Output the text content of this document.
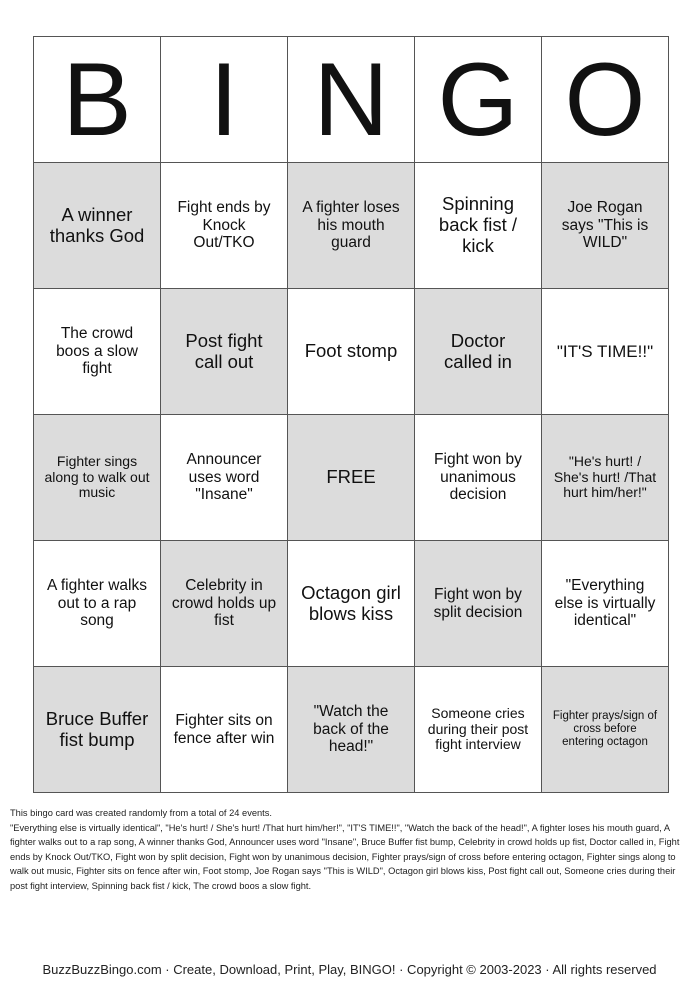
B	I	N	G	O
A winner thanks God	Fight ends by Knock Out/TKO	A fighter loses his mouth guard	Spinning back fist / kick	Joe Rogan says "This is WILD"
The crowd boos a slow fight	Post fight call out	Foot stomp	Doctor called in	"IT'S TIME!!"
Fighter sings along to walk out music	Announcer uses word "Insane"	FREE	Fight won by unanimous decision	"He's hurt! / She's hurt! /That hurt him/her!"
A fighter walks out to a rap song	Celebrity in crowd holds up fist	Octagon girl blows kiss	Fight won by split decision	"Everything else is virtually identical"
Bruce Buffer fist bump	Fighter sits on fence after win	"Watch the back of the head!"	Someone cries during their post fight interview	Fighter prays/sign of cross before entering octagon
This bingo card was created randomly from a total of 24 events.
"Everything else is virtually identical", "He's hurt! / She's hurt! /That hurt him/her!", "IT'S TIME!!", "Watch the back of the head!", A fighter loses his mouth guard, A fighter walks out to a rap song, A winner thanks God, Announcer uses word "Insane", Bruce Buffer fist bump, Celebrity in crowd holds up fist, Doctor called in, Fight ends by Knock Out/TKO, Fight won by split decision, Fight won by unanimous decision, Fighter prays/sign of cross before entering octagon, Fighter sings along to walk out music, Fighter sits on fence after win, Foot stomp, Joe Rogan says "This is WILD", Octagon girl blows kiss, Post fight call out, Someone cries during their post fight interview, Spinning back fist / kick, The crowd boos a slow fight.
BuzzBuzzBingo.com · Create, Download, Print, Play, BINGO! · Copyright © 2003-2023 · All rights reserved
